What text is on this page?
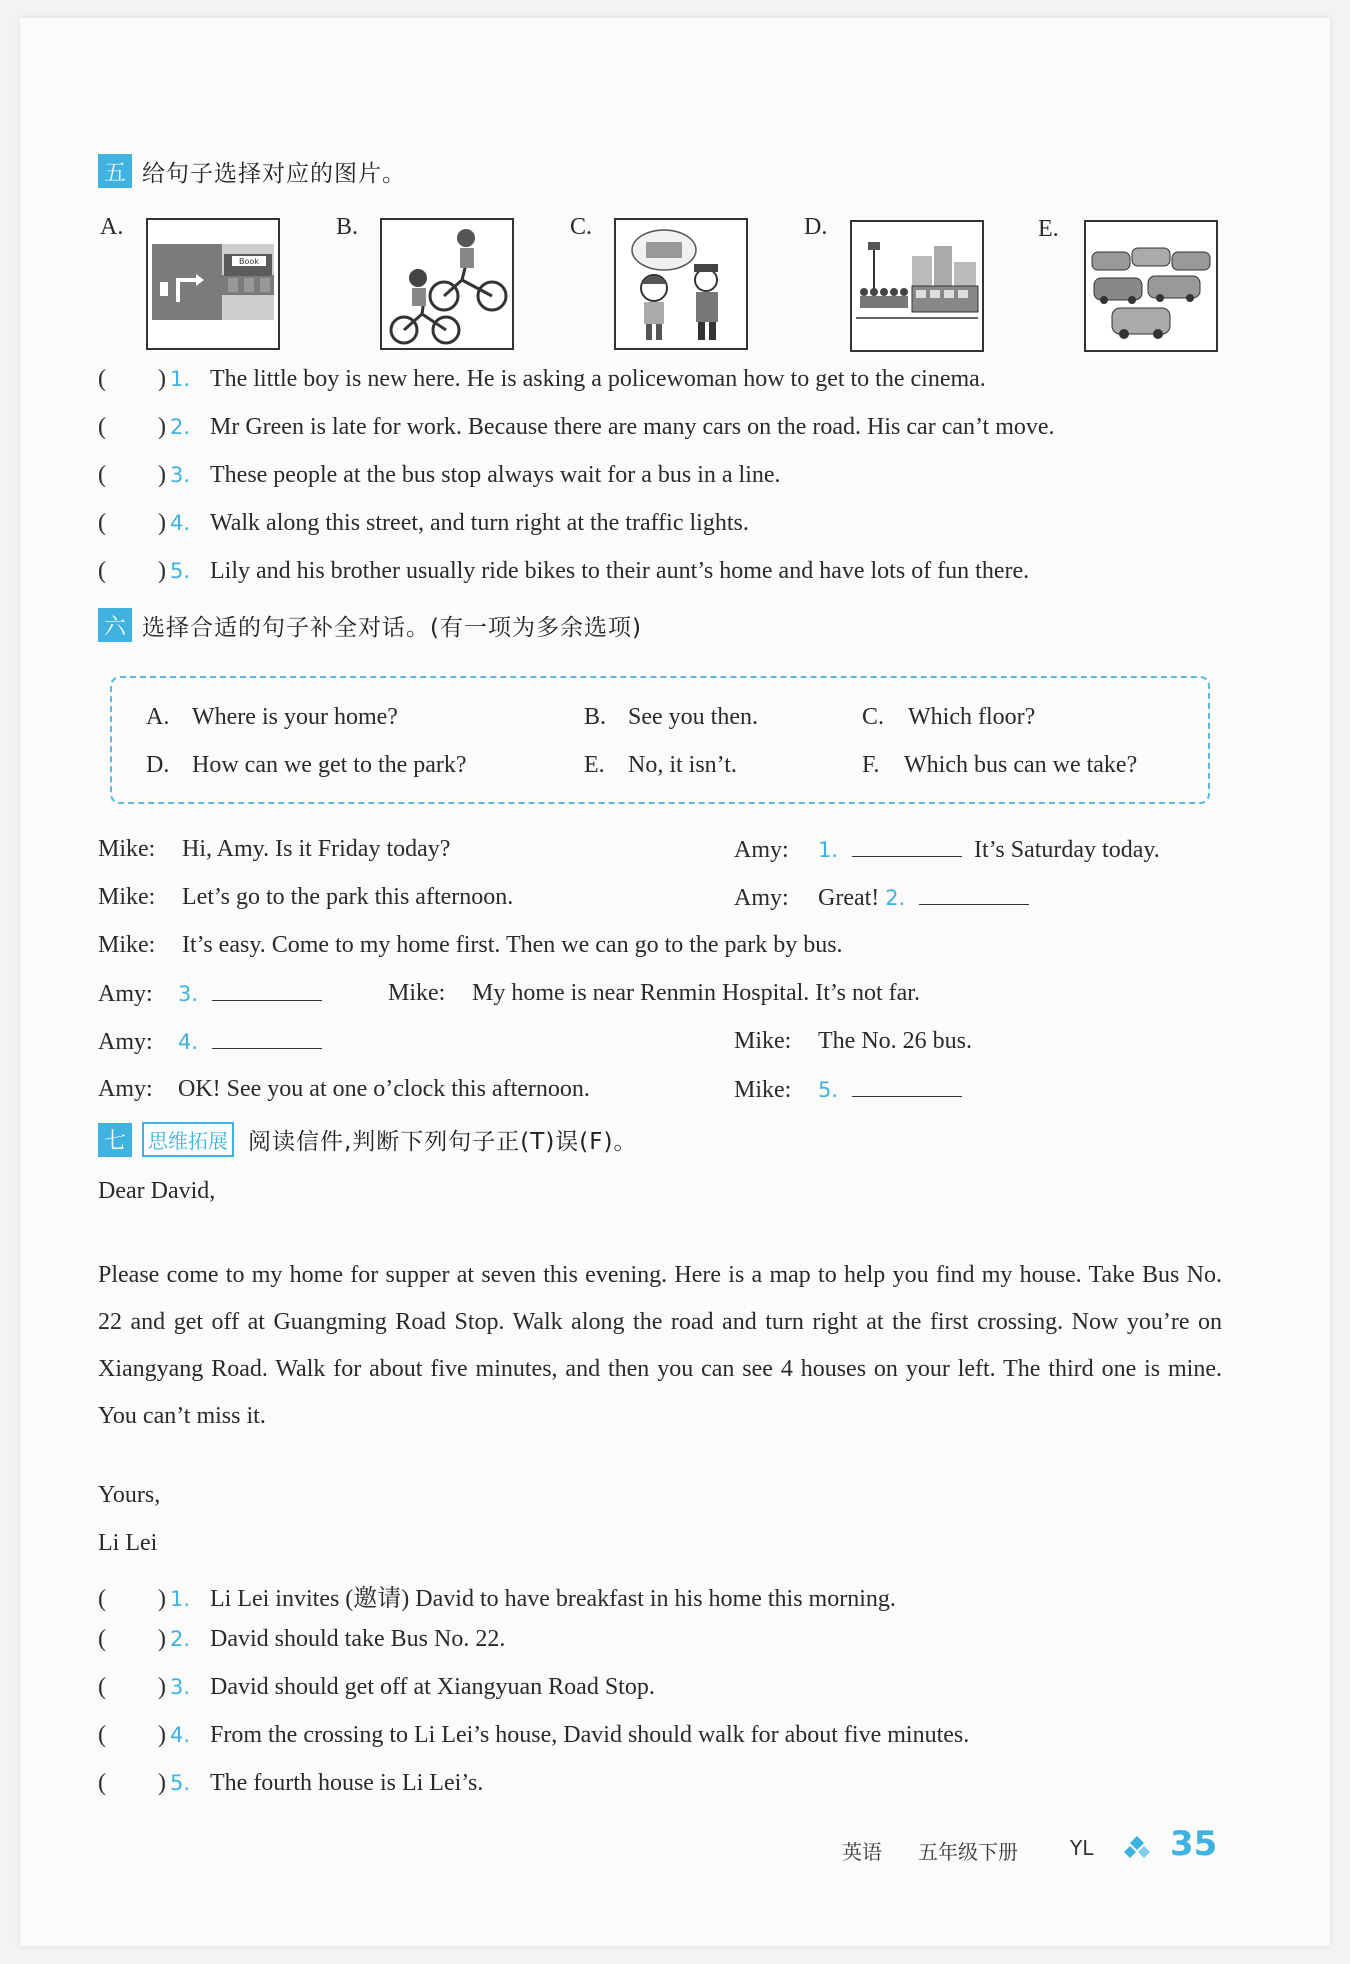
五 给句子选择对应的图片。
A.
Book
B.	C.	D.	E.
(	) 1. The little boy is new here. He is asking a policewoman how to get to the cinema.
(	) 2. Mr Green is late for work. Because there are many cars on the road. His car can’t move.
(	) 3. These people at the bus stop always wait for a bus in a line.
(	) 4. Walk along this street, and turn right at the traffic lights.
(	) 5. Lily and his brother usually ride bikes to their aunt’s home and have lots of fun there.
六 选择合适的句子补全对话。(有一项为多余选项)
A. Where is your home?	B. See you then.	C. Which floor?
D. How can we get to the park?	E. No, it isn’t.	F. Which bus can we take?
Mike: Hi, Amy. Is it Friday today?	Amy: 1.	It’s Saturday today.
Mike: Let’s go to the park this afternoon.	Amy: Great! 2.
Mike: It’s easy. Come to my home first. Then we can go to the park by bus.
Amy: 3.	Mike: My home is near Renmin Hospital. It’s not far.
Amy: 4.	Mike: The No. 26 bus.
Amy: OK! See you at one o’clock this afternoon.	Mike: 5.
七	思维拓展 阅读信件,判断下列句子正(T)误(F)。
Dear David,
Please come to my home for supper at seven this evening. Here is a map to help you find my house. Take Bus No. 22 and get off at Guangming Road Stop. Walk along the road and turn right at the first crossing. Now you’re on Xiangyang Road. Walk for about five minutes, and then you can see 4 houses on your left. The third one is mine. You can’t miss it.
Yours,
Li Lei
(	) 1. Li Lei invites (邀请) David to have breakfast in his home this morning.
(	) 2. David should take Bus No. 22.
(	) 3. David should get off at Xiangyuan Road Stop.
(	) 4. From the crossing to Li Lei’s house, David should walk for about five minutes.
(	) 5. The fourth house is Li Lei’s.
英语 五年级下册	YL 35
